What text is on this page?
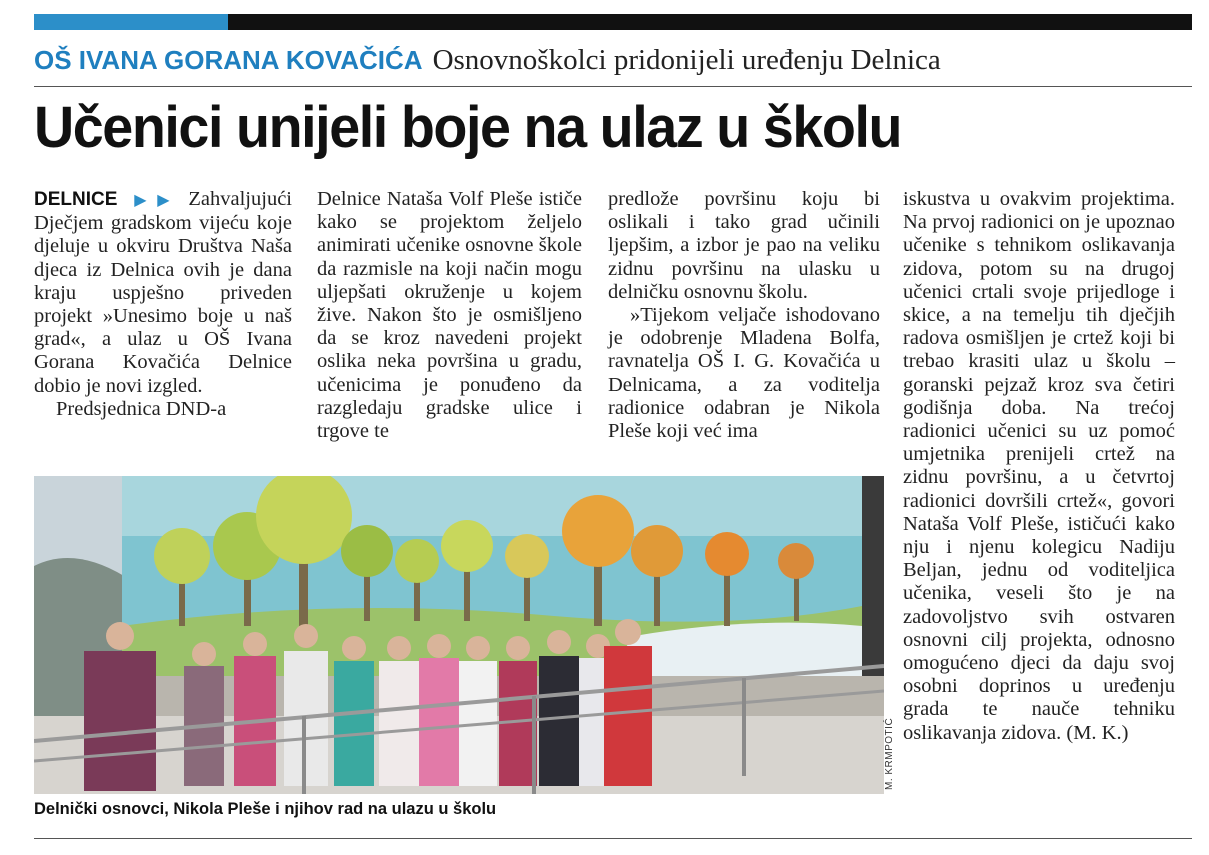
OŠ IVANA GORANA KOVAČIĆA Osnovnoškolci pridonijeli uređenju Delnica
Učenici unijeli boje na ulaz u školu

DELNICE ▶▶ Zahvaljujući Dječjem gradskom vijeću koje djeluje u okviru Društva Naša djeca iz Delnica ovih je dana kraju uspješno priveden projekt »Unesimo boje u naš grad«, a ulaz u OŠ Ivana Gorana Kovačića Delnice dobio je novi izgled.

Predsjednica DND-a

Delnice Nataša Volf Pleše ističe kako se projektom željelo animirati učenike osnovne škole da razmisle na koji način mogu uljepšati okruženje u kojem žive. Nakon što je osmišljeno da se kroz navedeni projekt oslika neka površina u gradu, učenicima je ponuđeno da razgledaju gradske ulice i trgove te

predlože površinu koju bi oslikali i tako grad učinili ljepšim, a izbor je pao na veliku zidnu površinu na ulasku u delničku osnovnu školu.

»Tijekom veljače ishodovano je odobrenje Mladena Bolfa, ravnatelja OŠ I. G. Kovačića u Delnicama, a za voditelja radionice odabran je Nikola Pleše koji već ima

iskustva u ovakvim projektima. Na prvoj radionici on je upoznao učenike s tehnikom oslikavanja zidova, potom su na drugoj učenici crtali svoje prijedloge i skice, a na temelju tih dječjih radova osmišljen je crtež koji bi trebao krasiti ulaz u školu – goranski pejzaž kroz sva četiri godišnja doba. Na trećoj radionici učenici su uz pomoć umjetnika prenijeli crtež na zidnu površinu, a u četvrtoj radionici dovršili crtež«, govori Nataša Volf Pleše, ističući kako nju i njenu kolegicu Nadiju Beljan, jednu od voditeljica učenika, veseli što je na zadovoljstvo svih ostvaren osnovni cilj projekta, odnosno omogućeno djeci da daju svoj osobni doprinos u uređenju grada te nauče tehniku oslikavanja zidova. (M. K.)

M. KRMPOTIĆ
Delnički osnovci, Nikola Pleše i njihov rad na ulazu u školu
